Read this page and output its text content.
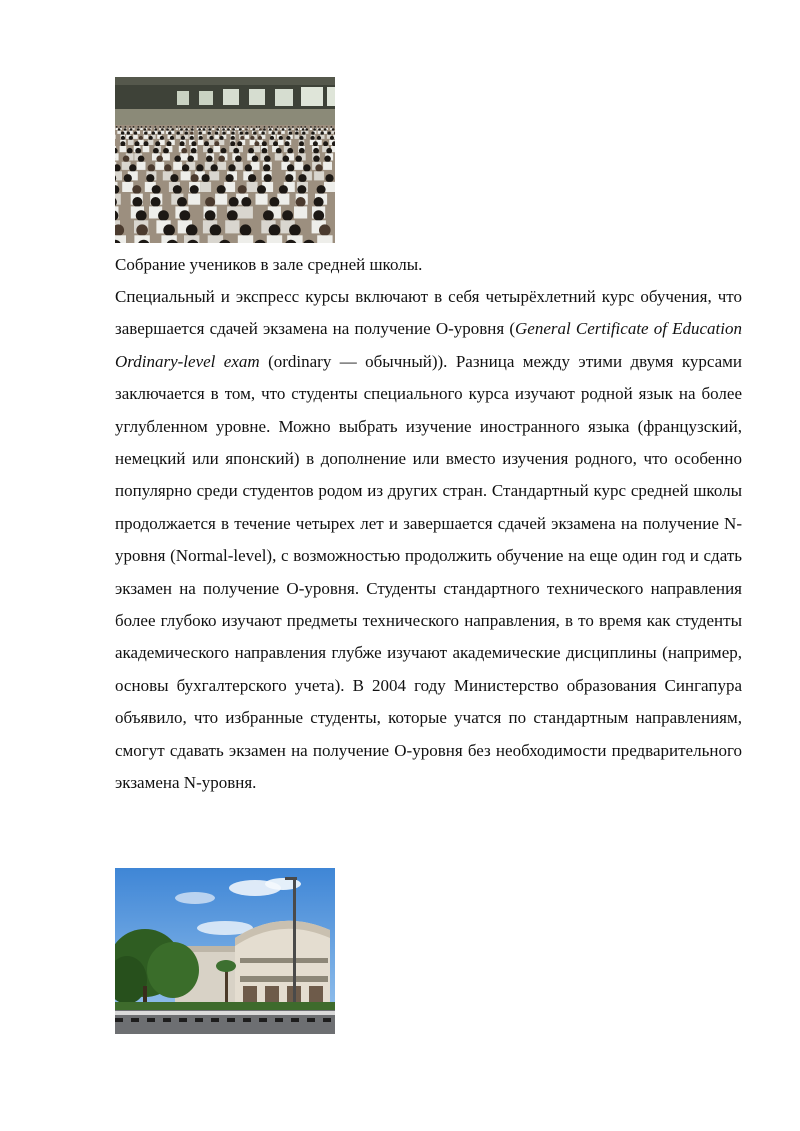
Собрание учеников в зале средней школы.

Специальный и экспресс курсы включают в себя четырёхлетний курс обучения, что завершается сдачей экзамена на получение О-уровня (General Certificate of Education Ordinary-level exam (ordinary — обычный)). Разница между этими двумя курсами заключается в том, что студенты специального курса изучают родной язык на более углубленном уровне. Можно выбрать изучение иностранного языка (французский, немецкий или японский) в дополнение или вместо изучения родного, что особенно популярно среди студентов родом из других стран. Стандартный курс средней школы продолжается в течение четырех лет и завершается сдачей экзамена на получение N-уровня (Normal-level), с возможностью продолжить обучение на еще один год и сдать экзамен на получение О-уровня. Студенты стандартного технического направления более глубоко изучают предметы технического направления, в то время как студенты академического направления глубже изучают академические дисциплины (например, основы бухгалтерского учета). В 2004 году Министерство образования Сингапура объявило, что избранные студенты, которые учатся по стандартным направлениям, смогут сдавать экзамен на получение О-уровня без необходимости предварительного экзамена N-уровня.
